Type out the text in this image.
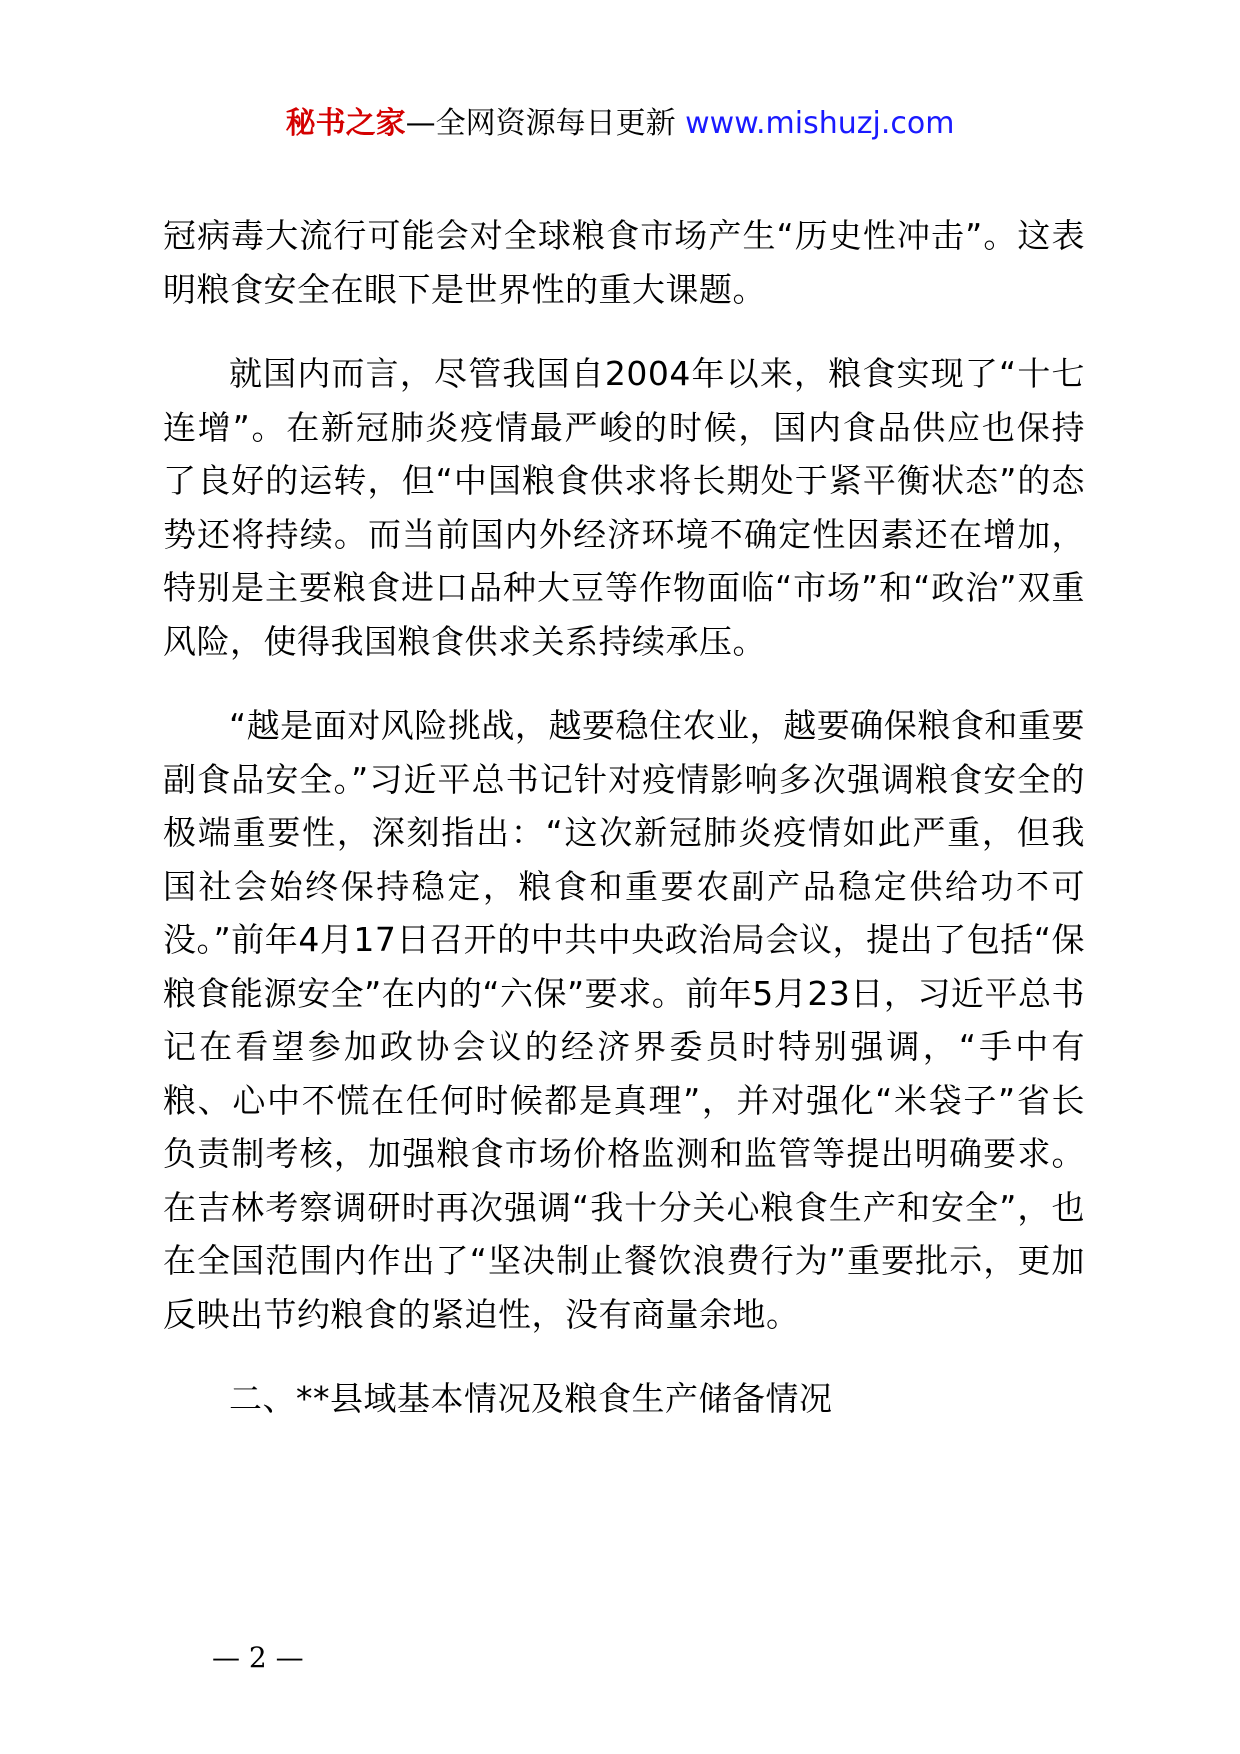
秘书之家—全网资源每日更新 www.mishuzj.com

冠病毒大流行可能会对全球粮食市场产生“历史性冲击”。这表明粮食安全在眼下是世界性的重大课题。

就国内而言，尽管我国自2004年以来，粮食实现了“十七连增”。在新冠肺炎疫情最严峻的时候，国内食品供应也保持了良好的运转，但“中国粮食供求将长期处于紧平衡状态”的态势还将持续。而当前国内外经济环境不确定性因素还在增加，特别是主要粮食进口品种大豆等作物面临“市场”和“政治”双重风险，使得我国粮食供求关系持续承压。

“越是面对风险挑战，越要稳住农业，越要确保粮食和重要副食品安全。”习近平总书记针对疫情影响多次强调粮食安全的极端重要性，深刻指出：“这次新冠肺炎疫情如此严重，但我国社会始终保持稳定，粮食和重要农副产品稳定供给功不可没。”前年4月17日召开的中共中央政治局会议，提出了包括“保粮食能源安全”在内的“六保”要求。前年5月23日，习近平总书记在看望参加政协会议的经济界委员时特别强调，“手中有粮、心中不慌在任何时候都是真理”，并对强化“米袋子”省长负责制考核，加强粮食市场价格监测和监管等提出明确要求。在吉林考察调研时再次强调“我十分关心粮食生产和安全”，也在全国范围内作出了“坚决制止餐饮浪费行为”重要批示，更加反映出节约粮食的紧迫性，没有商量余地。

二、**县域基本情况及粮食生产储备情况

— 2 —
